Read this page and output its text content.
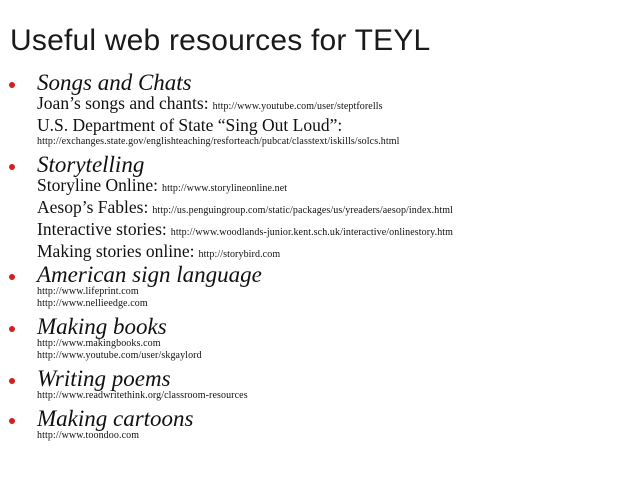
Useful web resources for TEYL
Songs and Chats
Joan’s songs and chants: http://www.youtube.com/user/steptforells
U.S. Department of State “Sing Out Loud”:
http://exchanges.state.gov/englishteaching/resforteach/pubcat/classtext/iskills/solcs.html
Storytelling
Storyline Online: http://www.storylineonline.net
Aesop’s Fables: http://us.penguingroup.com/static/packages/us/yreaders/aesop/index.html
Interactive stories: http://www.woodlands-junior.kent.sch.uk/interactive/onlinestory.htm
Making stories online: http://storybird.com
American sign language
http://www.lifeprint.com
http://www.nellieedge.com
Making books
http://www.makingbooks.com
http://www.youtube.com/user/skgaylord
Writing poems
http://www.readwritethink.org/classroom-resources
Making cartoons
http://www.toondoo.com
